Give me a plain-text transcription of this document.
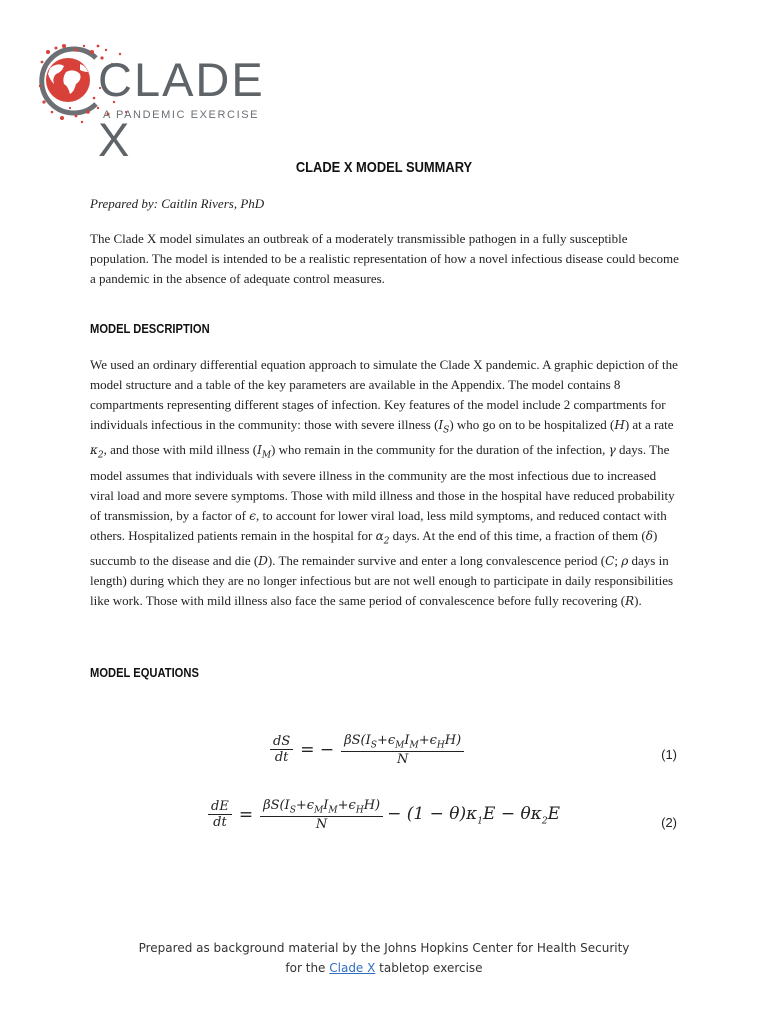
CLADE X
A PANDEMIC EXERCISE
CLADE X MODEL SUMMARY
Prepared by: Caitlin Rivers, PhD

The Clade X model simulates an outbreak of a moderately transmissible pathogen in a fully susceptible population. The model is intended to be a realistic representation of how a novel infectious disease could become a pandemic in the absence of adequate control measures.

MODEL DESCRIPTION

We used an ordinary differential equation approach to simulate the Clade X pandemic. A graphic depiction of the model structure and a table of the key parameters are available in the Appendix. The model contains 8 compartments representing different stages of infection. Key features of the model include 2 compartments for individuals infectious in the community: those with severe illness $(I_S)$ who go on to be hospitalized (H) at a rate $\kappa_2$, and those with mild illness $(I_M)$ who remain in the community for the duration of the infection, γ days. The model assumes that individuals with severe illness in the community are the most infectious due to increased viral load and more severe symptoms. Those with mild illness and those in the hospital have reduced probability of transmission, by a factor of ϵ, to account for lower viral load, less mild symptoms, and reduced contact with others. Hospitalized patients remain in the hospital for $\alpha_2$ days. At the end of this time, a fraction of them (δ) succumb to the disease and die (D). The remainder survive and enter a long convalescence period (C; ρ days in length) during which they are no longer infectious but are not well enough to participate in daily responsibilities like work. Those with mild illness also face the same period of convalescence before fully recovering (R).

MODEL EQUATIONS
$\frac{dS}{dt}$ = − $\frac{\beta S(I_S+\epsilon_MI_M+\epsilon_HH)}{N}$	(1)
$\frac{dE}{dt} = \frac{\beta S(I_S+\epsilon_MI_M+\epsilon_HH)}{N} - (1 - \theta)\kappa_1E - \theta\kappa_2E$	(2)
Prepared as background material by the Johns Hopkins Center for Health Security
for the Clade X tabletop exercise
